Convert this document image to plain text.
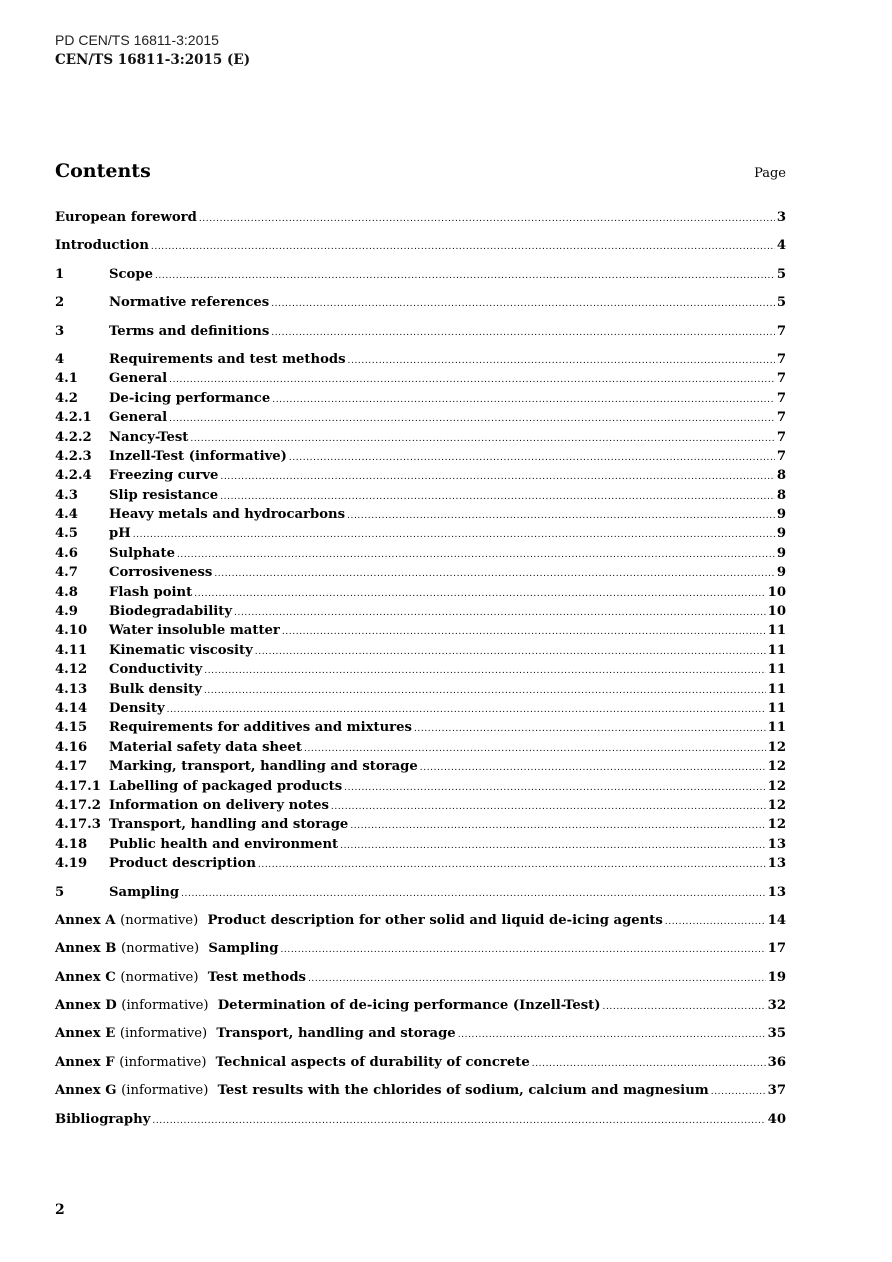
PD CEN/TS 16811-3:2015
CEN/TS 16811-3:2015 (E)
Contents	Page
European foreword .....	3
Introduction .....	4
1	Scope .....	5
2	Normative references .....	5
3	Terms and definitions .....	7
4	Requirements and test methods .....	7
4.1	General .....	7
4.2	De-icing performance .....	7
4.2.1	General .....	7
4.2.2	Nancy-Test .....	7
4.2.3	Inzell-Test (informative) .....	7
4.2.4	Freezing curve .....	8
4.3	Slip resistance .....	8
4.4	Heavy metals and hydrocarbons .....	9
4.5	pH .....	9
4.6	Sulphate .....	9
4.7	Corrosiveness .....	9
4.8	Flash point .....	10
4.9	Biodegradability .....	10
4.10	Water insoluble matter .....	11
4.11	Kinematic viscosity .....	11
4.12	Conductivity .....	11
4.13	Bulk density .....	11
4.14	Density .....	11
4.15	Requirements for additives and mixtures .....	11
4.16	Material safety data sheet .....	12
4.17	Marking, transport, handling and storage .....	12
4.17.1 Labelling of packaged products .....	12
4.17.2 Information on delivery notes .....	12
4.17.3 Transport, handling and storage .....	12
4.18	Public health and environment .....	13
4.19	Product description .....	13
5	Sampling .....	13
Annex A (normative) Product description for other solid and liquid de-icing agents .....	14
Annex B (normative) Sampling .....	17
Annex C (normative) Test methods .....	19
Annex D (informative) Determination of de-icing performance (Inzell-Test) .....	32
Annex E (informative) Transport, handling and storage .....	35
Annex F (informative) Technical aspects of durability of concrete .....	36
Annex G (informative) Test results with the chlorides of sodium, calcium and magnesium .....	37
Bibliography .....	40
2
